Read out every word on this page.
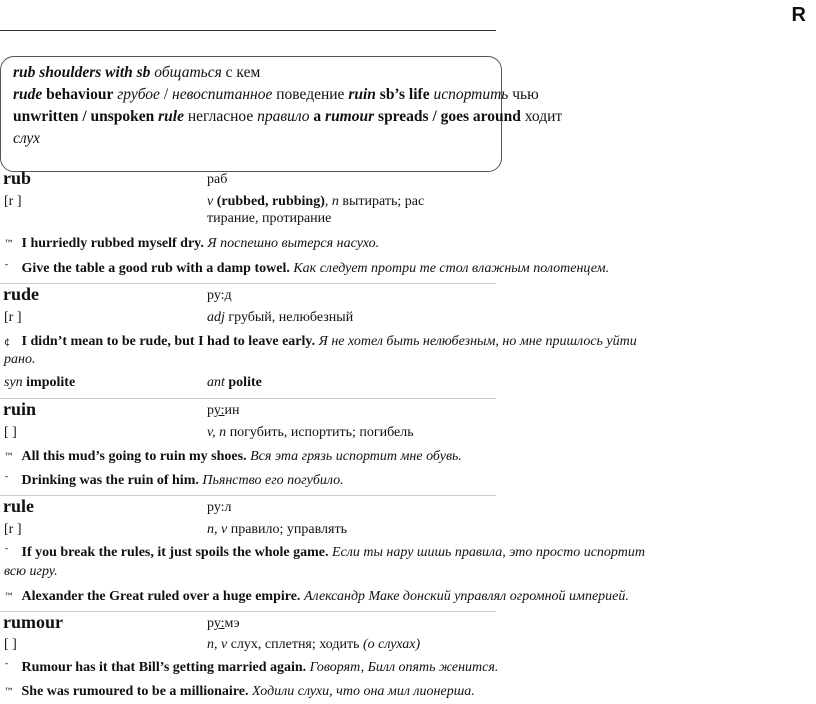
R
rub shoulders with sb общаться с кем
rude behaviour грубое / невоспитанное поведение ruin sb’s life испортить чью
unwritten / unspoken rule негласное правило a rumour spreads / goes around ходит
слух
rub	раб
[r ]	v (rubbed, rubbing), n вытирать; рас
тирание, протирание
™ I hurriedly rubbed myself dry. Я поспешно вытерся насухо.
ˉ Give the table a good rub with a damp towel. Как следует протри те стол влажным полотенцем.
rude	ру:д
[r ]	adj грубый, нелюбезный
¢ I didn’t mean to be rude, but I had to leave early. Я не хотел быть нелюбезным, но мне пришлось уйти
рано.
syn impolite	ant polite
ruin	ру:ин
[ ]	v, n погубить, испортить; погибель
™ All this mud’s going to ruin my shoes. Вся эта грязь испортит мне обувь.
ˉ Drinking was the ruin of him. Пьянство его погубило.
rule	ру:л
[r ]	n, v правило; управлять
ˉ If you break the rules, it just spoils the whole game. Если ты нару шишь правила, это просто испортит
всю игру.
™ Alexander the Great ruled over a huge empire. Александр Маке донский управлял огромной империей.
rumour	ру:мэ
[ ]	n, v слух, сплетня; ходить (о слухах)
ˉ Rumour has it that Bill’s getting married again. Говорят, Билл опять женится.
™ She was rumoured to be a millionaire. Ходили слухи, что она мил лионерша.
